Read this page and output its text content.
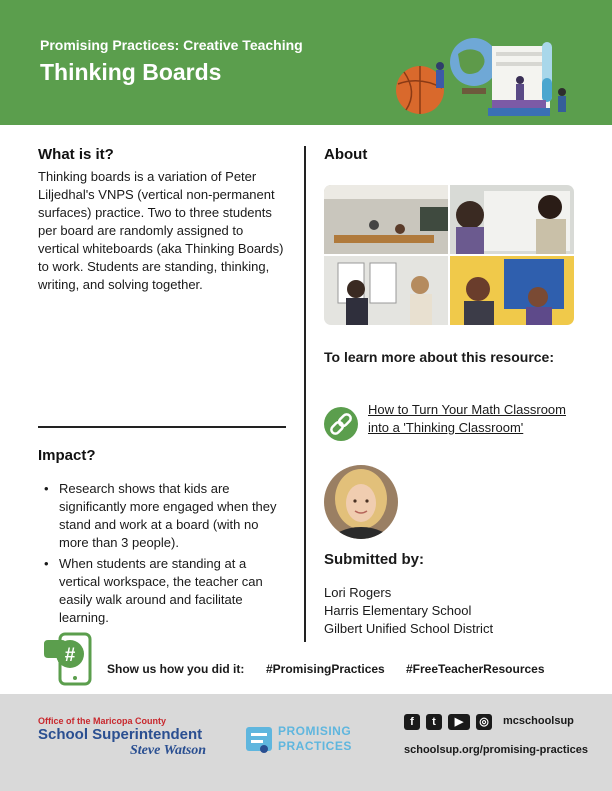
Promising Practices: Creative Teaching
Thinking Boards
What is it?

Thinking boards is a variation of Peter Liljedhal's VNPS (vertical non-permanent surfaces) practice. Two to three students per board are randomly assigned to vertical whiteboards (aka Thinking Boards) to work. Students are standing, thinking, writing, and solving together.

Impact?
• Research shows that kids are significantly more engaged when they stand and work at a board (with no more than 3 people).
• When students are standing at a vertical workspace, the teacher can easily walk around and facilitate learning.
About
To learn more about this resource:
How to Turn Your Math Classroom into a 'Thinking Classroom'
Submitted by:
Lori Rogers
Harris Elementary School
Gilbert Unified School District
#
Show us how you did it: #PromisingPractices #FreeTeacherResources
Office of the Maricopa County
School Superintendent
Steve Watson
PROMISING
PRACTICES
f	t	▶	◎ mcschoolsup
schoolsup.org/promising-practices
